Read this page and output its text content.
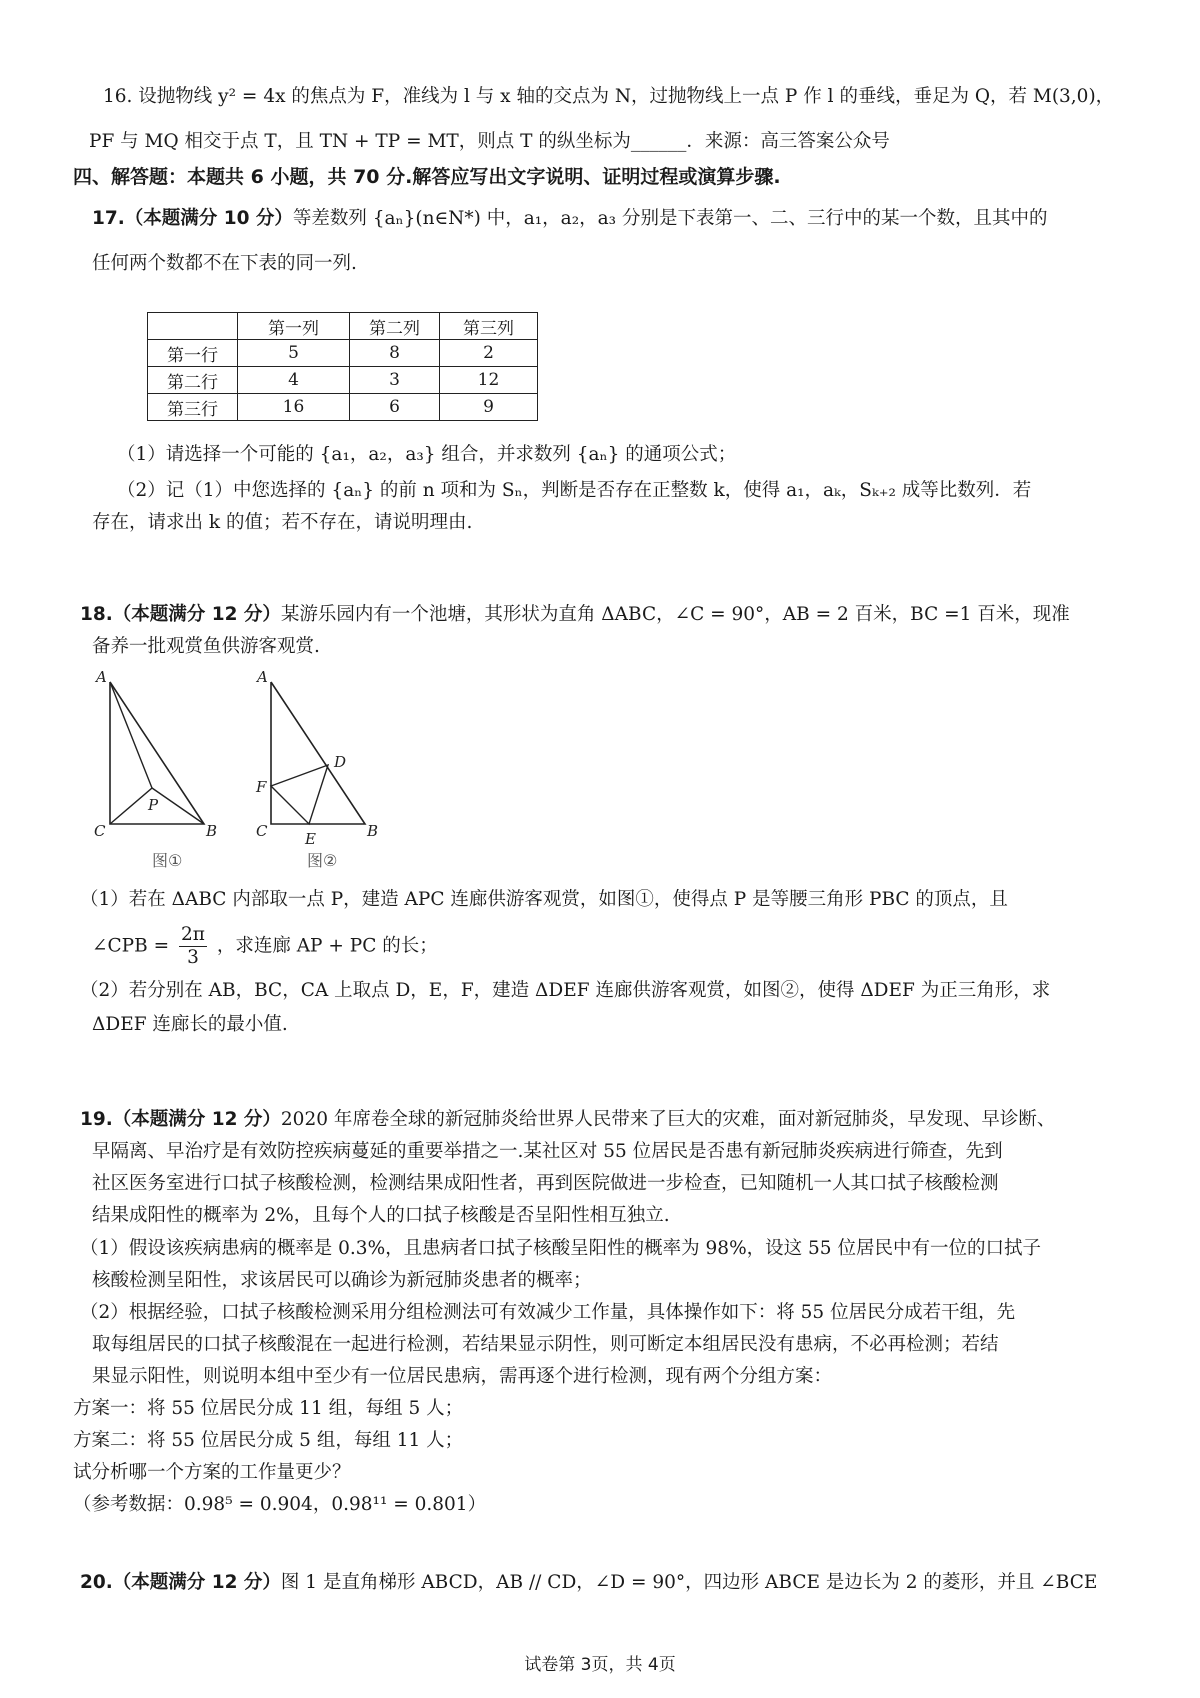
16. 设抛物线 y² = 4x 的焦点为 F，准线为 l 与 x 轴的交点为 N，过抛物线上一点 P 作 l 的垂线，垂足为 Q，若 M(3,0)，
PF 与 MQ 相交于点 T，且 TN + TP = MT，则点 T 的纵坐标为______．来源：高三答案公众号
四、解答题：本题共 6 小题，共 70 分.解答应写出文字说明、证明过程或演算步骤.
17.（本题满分 10 分）等差数列 {aₙ}(n∈N*) 中，a₁，a₂，a₃ 分别是下表第一、二、三行中的某一个数，且其中的
任何两个数都不在下表的同一列.
	第一列	第二列	第三列
第一行	5	8	2
第二行	4	3	12
第三行	16	6	9
（1）请选择一个可能的 {a₁，a₂，a₃} 组合，并求数列 {aₙ} 的通项公式；
（2）记（1）中您选择的 {aₙ} 的前 n 项和为 Sₙ，判断是否存在正整数 k，使得 a₁，aₖ，Sₖ₊₂ 成等比数列．若
存在，请求出 k 的值；若不存在，请说明理由.
18.（本题满分 12 分）某游乐园内有一个池塘，其形状为直角 ΔABC，∠C = 90°，AB = 2 百米，BC =1 百米，现准
备养一批观赏鱼供游客观赏.
A
P
C	B
图①
A
D
F
C	E	B
图②
（1）若在 ΔABC 内部取一点 P，建造 APC 连廊供游客观赏，如图①，使得点 P 是等腰三角形 PBC 的顶点，且
∠CPB = $\frac{2\pi}{3}$ ，求连廊 AP + PC 的长；
（2）若分别在 AB，BC，CA 上取点 D，E，F，建造 ΔDEF 连廊供游客观赏，如图②，使得 ΔDEF 为正三角形，求
ΔDEF 连廊长的最小值.
19.（本题满分 12 分）2020 年席卷全球的新冠肺炎给世界人民带来了巨大的灾难，面对新冠肺炎，早发现、早诊断、
早隔离、早治疗是有效防控疾病蔓延的重要举措之一.某社区对 55 位居民是否患有新冠肺炎疾病进行筛查，先到
社区医务室进行口拭子核酸检测，检测结果成阳性者，再到医院做进一步检查，已知随机一人其口拭子核酸检测
结果成阳性的概率为 2%，且每个人的口拭子核酸是否呈阳性相互独立.
（1）假设该疾病患病的概率是 0.3%，且患病者口拭子核酸呈阳性的概率为 98%，设这 55 位居民中有一位的口拭子
核酸检测呈阳性，求该居民可以确诊为新冠肺炎患者的概率；
（2）根据经验，口拭子核酸检测采用分组检测法可有效减少工作量，具体操作如下：将 55 位居民分成若干组，先
取每组居民的口拭子核酸混在一起进行检测，若结果显示阴性，则可断定本组居民没有患病，不必再检测；若结
果显示阳性，则说明本组中至少有一位居民患病，需再逐个进行检测，现有两个分组方案：
方案一：将 55 位居民分成 11 组，每组 5 人；
方案二：将 55 位居民分成 5 组，每组 11 人；
试分析哪一个方案的工作量更少？
（参考数据：0.98⁵ = 0.904，0.98¹¹ = 0.801）
20.（本题满分 12 分）图 1 是直角梯形 ABCD，AB // CD，∠D = 90°，四边形 ABCE 是边长为 2 的菱形，并且 ∠BCE
试卷第 3页，共 4页
